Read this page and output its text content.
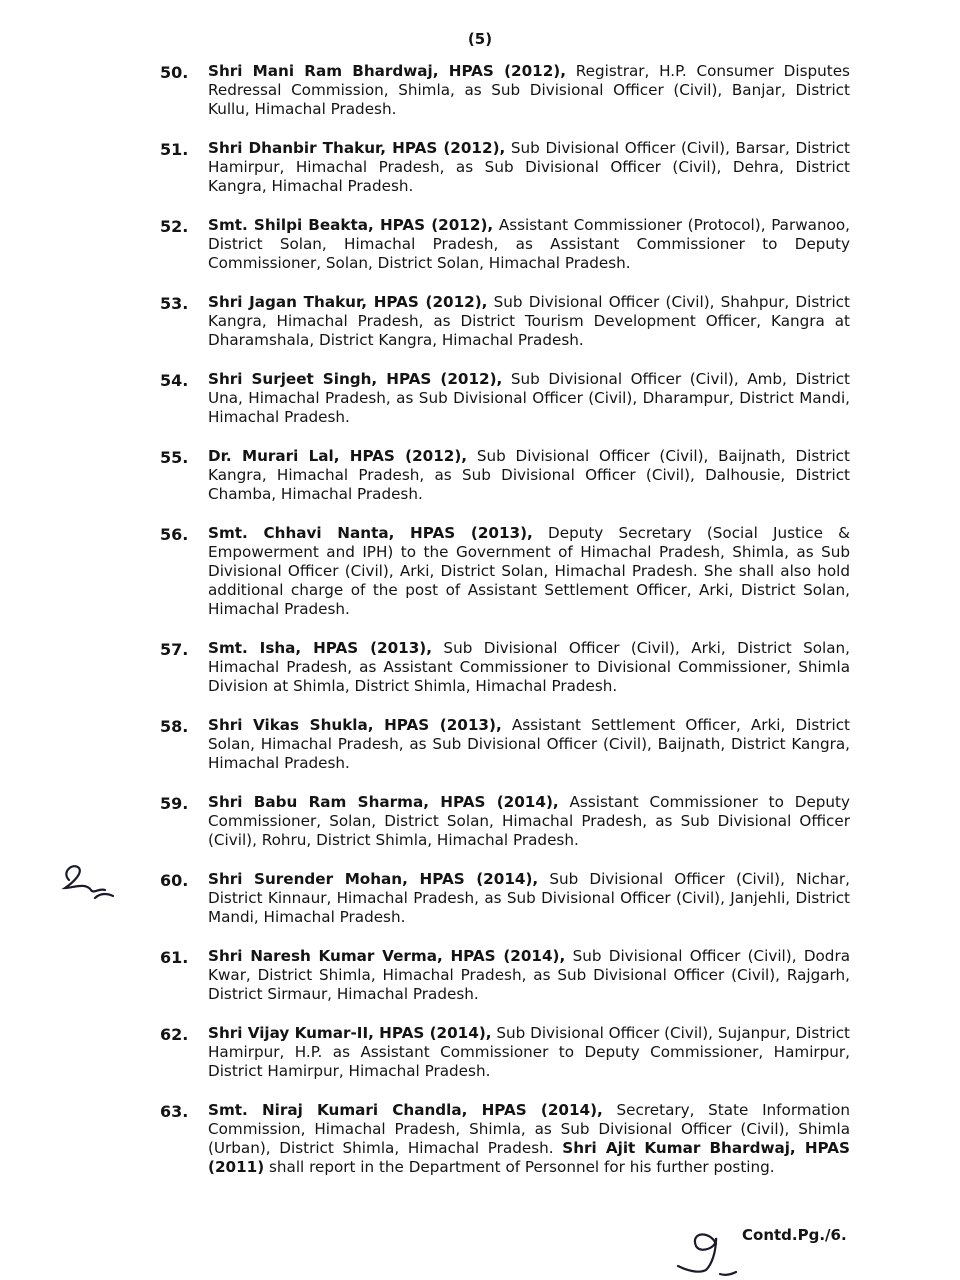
(5)
50.	Shri Mani Ram Bhardwaj, HPAS (2012), Registrar, H.P. Consumer Disputes Redressal Commission, Shimla, as Sub Divisional Officer (Civil), Banjar, District Kullu, Himachal Pradesh.
51.	Shri Dhanbir Thakur, HPAS (2012), Sub Divisional Officer (Civil), Barsar, District Hamirpur, Himachal Pradesh, as Sub Divisional Officer (Civil), Dehra, District Kangra, Himachal Pradesh.
52.	Smt. Shilpi Beakta, HPAS (2012), Assistant Commissioner (Protocol), Parwanoo, District Solan, Himachal Pradesh, as Assistant Commissioner to Deputy Commissioner, Solan, District Solan, Himachal Pradesh.
53.	Shri Jagan Thakur, HPAS (2012), Sub Divisional Officer (Civil), Shahpur, District Kangra, Himachal Pradesh, as District Tourism Development Officer, Kangra at Dharamshala, District Kangra, Himachal Pradesh.
54.	Shri Surjeet Singh, HPAS (2012), Sub Divisional Officer (Civil), Amb, District Una, Himachal Pradesh, as Sub Divisional Officer (Civil), Dharampur, District Mandi, Himachal Pradesh.
55.	Dr. Murari Lal, HPAS (2012), Sub Divisional Officer (Civil), Baijnath, District Kangra, Himachal Pradesh, as Sub Divisional Officer (Civil), Dalhousie, District Chamba, Himachal Pradesh.
56.	Smt. Chhavi Nanta, HPAS (2013), Deputy Secretary (Social Justice & Empowerment and IPH) to the Government of Himachal Pradesh, Shimla, as Sub Divisional Officer (Civil), Arki, District Solan, Himachal Pradesh. She shall also hold additional charge of the post of Assistant Settlement Officer, Arki, District Solan, Himachal Pradesh.
57.	Smt. Isha, HPAS (2013), Sub Divisional Officer (Civil), Arki, District Solan, Himachal Pradesh, as Assistant Commissioner to Divisional Commissioner, Shimla Division at Shimla, District Shimla, Himachal Pradesh.
58.	Shri Vikas Shukla, HPAS (2013), Assistant Settlement Officer, Arki, District Solan, Himachal Pradesh, as Sub Divisional Officer (Civil), Baijnath, District Kangra, Himachal Pradesh.
59.	Shri Babu Ram Sharma, HPAS (2014), Assistant Commissioner to Deputy Commissioner, Solan, District Solan, Himachal Pradesh, as Sub Divisional Officer (Civil), Rohru, District Shimla, Himachal Pradesh.
60.	Shri Surender Mohan, HPAS (2014), Sub Divisional Officer (Civil), Nichar, District Kinnaur, Himachal Pradesh, as Sub Divisional Officer (Civil), Janjehli, District Mandi, Himachal Pradesh.
61.	Shri Naresh Kumar Verma, HPAS (2014), Sub Divisional Officer (Civil), Dodra Kwar, District Shimla, Himachal Pradesh, as Sub Divisional Officer (Civil), Rajgarh, District Sirmaur, Himachal Pradesh.
62.	Shri Vijay Kumar-II, HPAS (2014), Sub Divisional Officer (Civil), Sujanpur, District Hamirpur, H.P. as Assistant Commissioner to Deputy Commissioner, Hamirpur, District Hamirpur, Himachal Pradesh.
63.	Smt. Niraj Kumari Chandla, HPAS (2014), Secretary, State Information Commission, Himachal Pradesh, Shimla, as Sub Divisional Officer (Civil), Shimla (Urban), District Shimla, Himachal Pradesh. Shri Ajit Kumar Bhardwaj, HPAS (2011) shall report in the Department of Personnel for his further posting.
Contd.Pg./6.
